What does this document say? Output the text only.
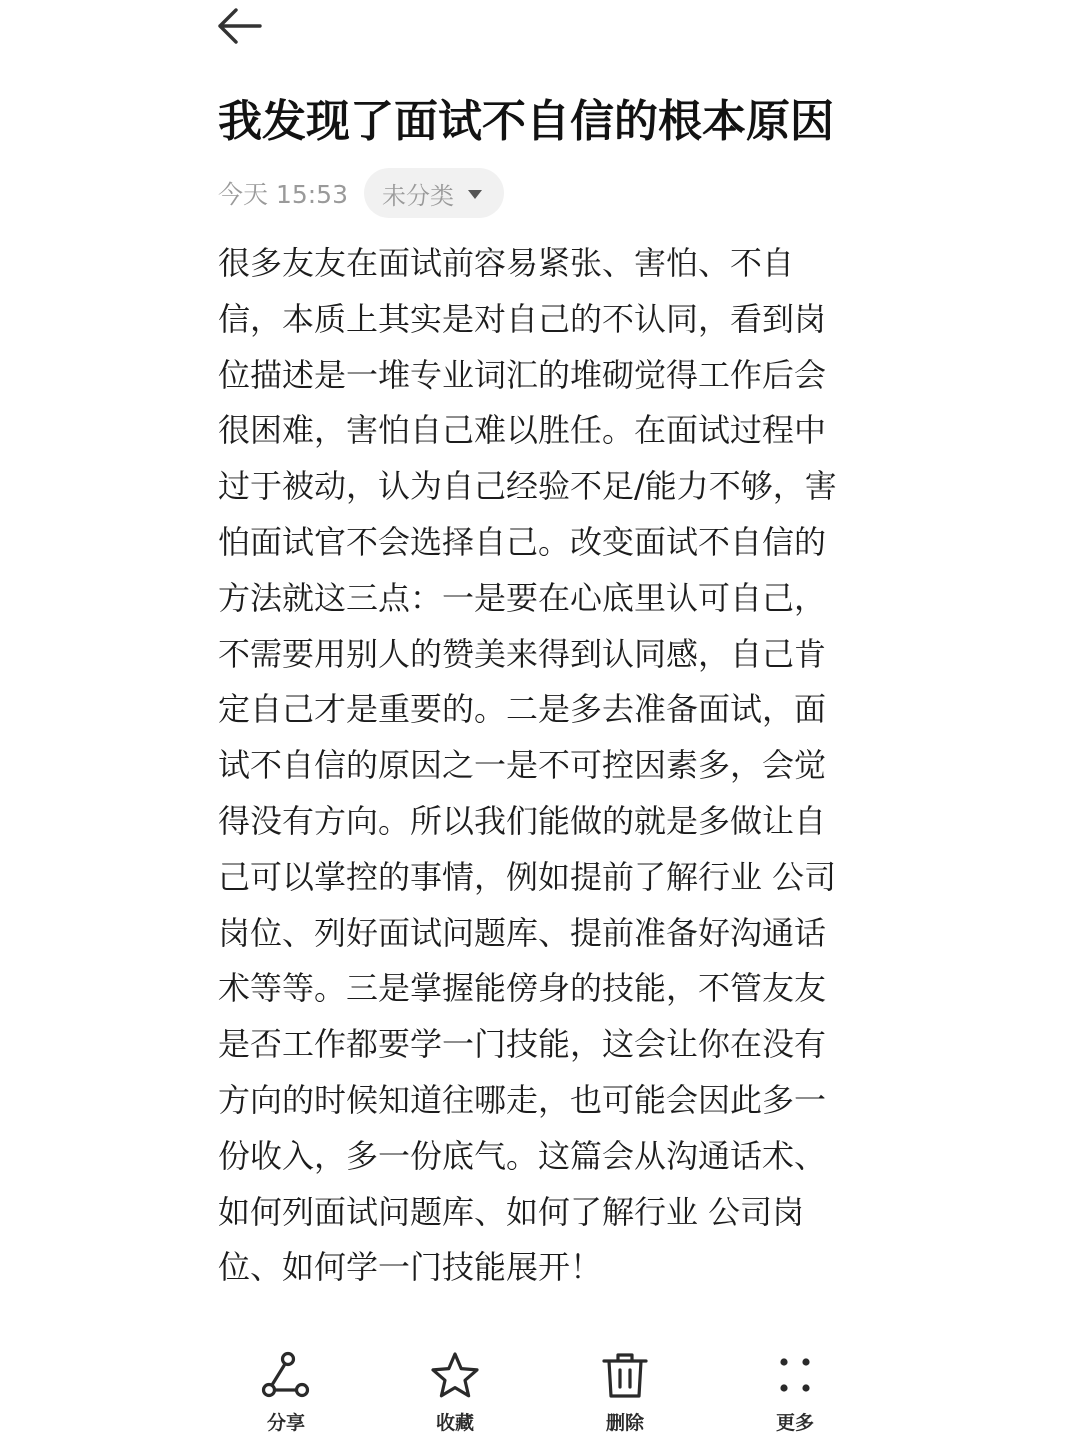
我发现了面试不自信的根本原因
今天 15:53 未分类
很多友友在面试前容易紧张、害怕、不自
信，本质上其实是对自己的不认同，看到岗
位描述是一堆专业词汇的堆砌觉得工作后会
很困难，害怕自己难以胜任。在面试过程中
过于被动，认为自己经验不足/能力不够，害
怕面试官不会选择自己。改变面试不自信的
方法就这三点：一是要在心底里认可自己，
不需要用别人的赞美来得到认同感，自己肯
定自己才是重要的。二是多去准备面试，面
试不自信的原因之一是不可控因素多，会觉
得没有方向。所以我们能做的就是多做让自
己可以掌控的事情，例如提前了解行业 公司
岗位、列好面试问题库、提前准备好沟通话
术等等。三是掌握能傍身的技能，不管友友
是否工作都要学一门技能，这会让你在没有
方向的时候知道往哪走，也可能会因此多一
份收入，多一份底气。这篇会从沟通话术、
如何列面试问题库、如何了解行业 公司岗
位、如何学一门技能展开！
分享	收藏	删除	更多
